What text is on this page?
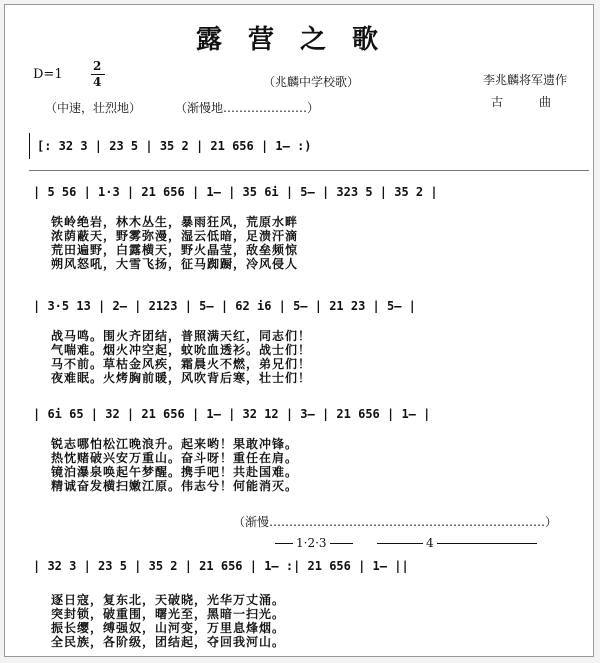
露营之歌
D=1
2
4	（兆麟中学校歌）	李兆麟将军遗作
古　　　曲
（中速，壮烈地）	（渐慢地…………………）
[: 32 3 | 23 5 | 35 2 | 21 656 | 1— :)
| 5 56 | 1·3 | 21 656 | 1— | 35 6i | 5— | 323 5 | 35 2 |
铁岭绝岩，林木丛生，暴雨狂风，荒原水畔
浓荫蔽天，野雾弥漫，湿云低暗，足溃汗滴
荒田遍野，白露横天，野火晶莹，敌垒频惊
朔风怒吼，大雪飞扬，征马踟蹰，冷风侵人
| 3·5 13 | 2— | 2123 | 5— | 62 i6 | 5— | 21 23 | 5— |
战马鸣。围火齐团结，普照满天红，同志们！
气喘难。烟火冲空起，蚊吮血透衫。战士们！
马不前。草枯金风疾，霜晨火不燃，弟兄们！
夜难眠。火烤胸前暖，风吹背后寒，壮士们！
| 6i 65 | 32 | 21 656 | 1— | 32 12 | 3— | 21 656 | 1— |
锐志哪怕松江晚浪升。起来哟！果敢冲锋。
热忱赌破兴安万重山。奋斗呀！重任在肩。
镜泊瀑泉唤起午梦醒。携手吧！共赴国难。
精诚奋发横扫嫩江原。伟志兮！何能消灭。
（渐慢……………………………………………………………）
1·2·3	4
| 32 3 | 23 5 | 35 2 | 21 656 | 1— :| 21 656 | 1— ||
逐日寇，复东北，天破晓，光华万丈涌。
突封锁，破重围，曙光至，黑暗一扫光。
振长缨，缚强奴，山河变，万里息烽烟。
全民族，各阶级，团结起，夺回我河山。
